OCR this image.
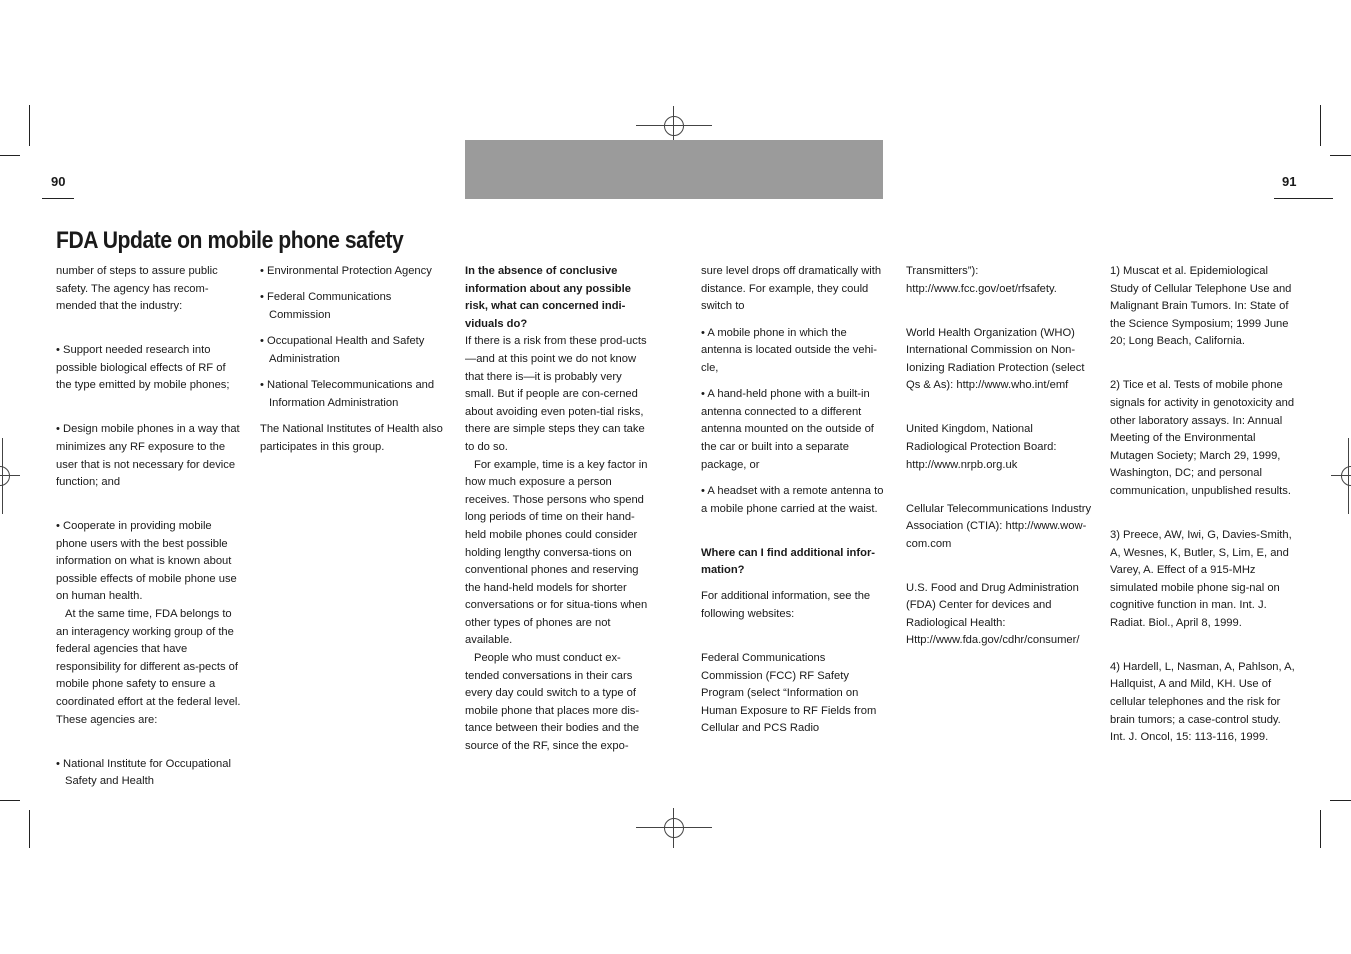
90	91
FDA Update on mobile phone safety

number of steps to assure public safety. The agency has recom-mended that the industry:

• Support needed research into possible biological effects of RF of the type emitted by mobile phones;

• Design mobile phones in a way that minimizes any RF exposure to the user that is not necessary for device function; and

• Cooperate in providing mobile phone users with the best possible information on what is known about possible effects of mobile phone use on human health.

At the same time, FDA belongs to an interagency working group of the federal agencies that have responsibility for different as-pects of mobile phone safety to ensure a coordinated effort at the federal level. These agencies are:

• National Institute for Occupational Safety and Health

• Environmental Protection Agency

• Federal Communications Commission

• Occupational Health and Safety Administration

• National Telecommunications and Information Administration

The National Institutes of Health also participates in this group.

In the absence of conclusive information about any possible risk, what can concerned indi-viduals do?

If there is a risk from these prod-ucts—and at this point we do not know that there is—it is probably very small. But if people are con-cerned about avoiding even poten-tial risks, there are simple steps they can take to do so.

For example, time is a key factor in how much exposure a person receives. Those persons who spend long periods of time on their hand-held mobile phones could consider holding lengthy conversa-tions on conventional phones and reserving the hand-held models for shorter conversations or for situa-tions when other types of phones are not available.

People who must conduct ex-tended conversations in their cars every day could switch to a type of mobile phone that places more dis-tance between their bodies and the source of the RF, since the expo-

sure level drops off dramatically with distance. For example, they could switch to

• A mobile phone in which the antenna is located outside the vehi-cle,

• A hand-held phone with a built-in antenna connected to a different antenna mounted on the outside of the car or built into a separate package, or

• A headset with a remote antenna to a mobile phone carried at the waist.

Where can I find additional infor-mation?

For additional information, see the following websites:

Federal Communications Commission (FCC) RF Safety Program (select “Information on Human Exposure to RF Fields from Cellular and PCS Radio

Transmitters”): http://www.fcc.gov/oet/rfsafety.

World Health Organization (WHO) International Commission on Non-Ionizing Radiation Protection (select Qs & As): http://www.who.int/emf

United Kingdom, National Radiological Protection Board: http://www.nrpb.org.uk

Cellular Telecommunications Industry Association (CTIA): http://www.wow-com.com

U.S. Food and Drug Administration (FDA) Center for devices and Radiological Health: Http://www.fda.gov/cdhr/consumer/

1) Muscat et al. Epidemiological Study of Cellular Telephone Use and Malignant Brain Tumors. In: State of the Science Symposium; 1999 June 20; Long Beach, California.

2) Tice et al. Tests of mobile phone signals for activity in genotoxicity and other laboratory assays. In: Annual Meeting of the Environmental Mutagen Society; March 29, 1999, Washington, DC; and personal communication, unpublished results.

3) Preece, AW, Iwi, G, Davies-Smith, A, Wesnes, K, Butler, S, Lim, E, and Varey, A. Effect of a 915-MHz simulated mobile phone sig-nal on cognitive function in man. Int. J. Radiat. Biol., April 8, 1999.

4) Hardell, L, Nasman, A, Pahlson, A, Hallquist, A and Mild, KH. Use of cellular telephones and the risk for brain tumors; a case-control study. Int. J. Oncol, 15: 113-116, 1999.
